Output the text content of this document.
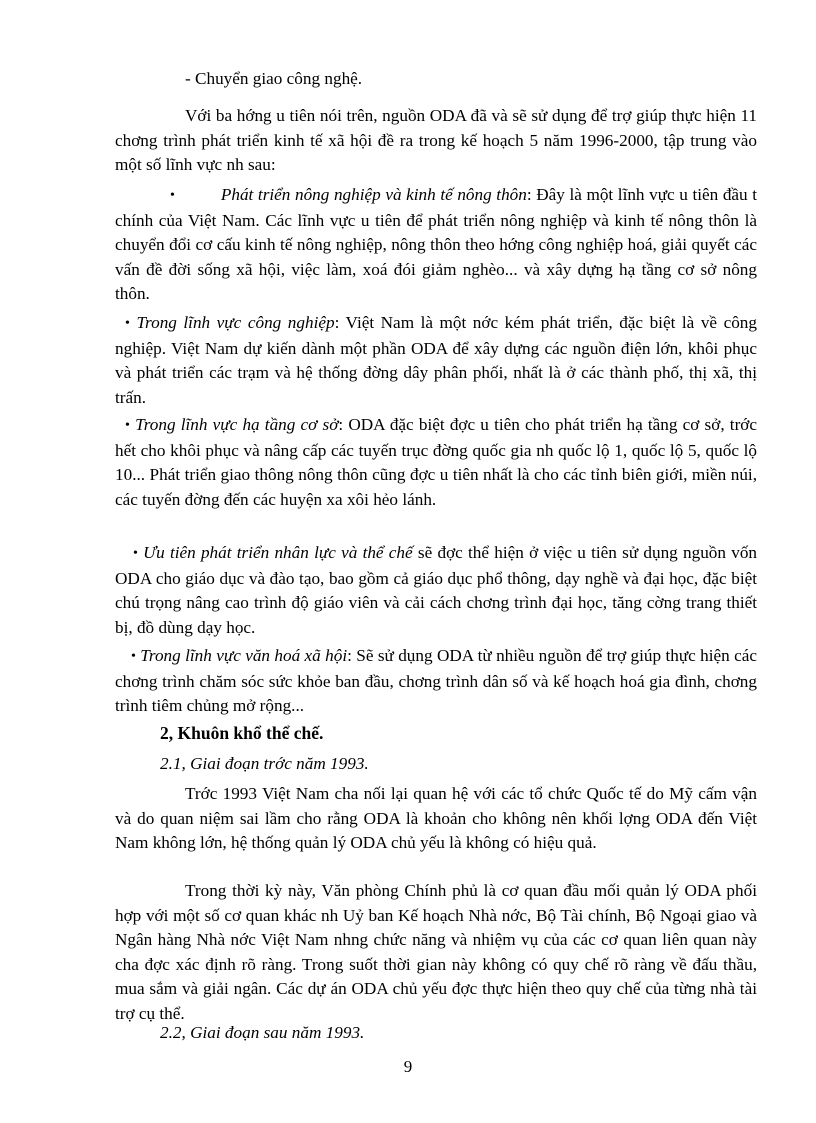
- Chuyển giao công nghệ.

Với ba hớng u tiên nói trên, nguồn ODA đã và sẽ sử dụng để trợ giúp thực hiện 11 chơng trình phát triển kinh tế xã hội đề ra trong kế hoạch 5 năm 1996-2000, tập trung vào một số lĩnh vực nh sau:

•	Phát triển nông nghiệp và kinh tế nông thôn: Đây là một lĩnh vực u tiên đầu t chính của Việt Nam. Các lĩnh vực u tiên để phát triển nông nghiệp và kinh tế nông thôn là chuyển đổi cơ cấu kinh tế nông nghiệp, nông thôn theo hớng công nghiệp hoá, giải quyết các vấn đề đời sống xã hội, việc làm, xoá đói giảm nghèo... và xây dựng hạ tầng cơ sở nông thôn.

• Trong lĩnh vực công nghiệp: Việt Nam là một nớc kém phát triển, đặc biệt là về công nghiệp. Việt Nam dự kiến dành một phần ODA để xây dựng các nguồn điện lớn, khôi phục và phát triển các trạm và hệ thống đờng dây phân phối, nhất là ở các thành phố, thị xã, thị trấn.

• Trong lĩnh vực hạ tầng cơ sở: ODA đặc biệt đợc u tiên cho phát triển hạ tầng cơ sở, trớc hết cho khôi phục và nâng cấp các tuyến trục đờng quốc gia nh quốc lộ 1, quốc lộ 5, quốc lộ 10... Phát triển giao thông nông thôn cũng đợc u tiên nhất là cho các tỉnh biên giới, miền núi, các tuyến đờng đến các huyện xa xôi hẻo lánh.

• Ưu tiên phát triển nhân lực và thể chế sẽ đợc thể hiện ở việc u tiên sử dụng nguồn vốn ODA cho giáo dục và đào tạo, bao gồm cả giáo dục phổ thông, dạy nghề và đại học, đặc biệt chú trọng nâng cao trình độ giáo viên và cải cách chơng trình đại học, tăng cờng trang thiết bị, đồ dùng dạy học.

• Trong lĩnh vực văn hoá xã hội: Sẽ sử dụng ODA từ nhiều nguồn để trợ giúp thực hiện các chơng trình chăm sóc sức khỏe ban đầu, chơng trình dân số và kế hoạch hoá gia đình, chơng trình tiêm chủng mở rộng...

2, Khuôn khổ thể chế.

2.1, Giai đoạn trớc năm 1993.

Trớc 1993 Việt Nam cha nối lại quan hệ với các tổ chức Quốc tế do Mỹ cấm vận và do quan niệm sai lầm cho rằng ODA là khoản cho không nên khối lợng ODA đến Việt Nam không lớn, hệ thống quản lý ODA chủ yếu là không có hiệu quả.

Trong thời kỳ này, Văn phòng Chính phủ là cơ quan đầu mối quản lý ODA phối hợp với một số cơ quan khác nh Uỷ ban Kế hoạch Nhà nớc, Bộ Tài chính, Bộ Ngoại giao và Ngân hàng Nhà nớc Việt Nam nhng chức năng và nhiệm vụ của các cơ quan liên quan này cha đợc xác định rõ ràng. Trong suốt thời gian này không có quy chế rõ ràng về đấu thầu, mua sắm và giải ngân. Các dự án ODA chủ yếu đợc thực hiện theo quy chế của từng nhà tài trợ cụ thể.

2.2, Giai đoạn sau năm 1993.

9
